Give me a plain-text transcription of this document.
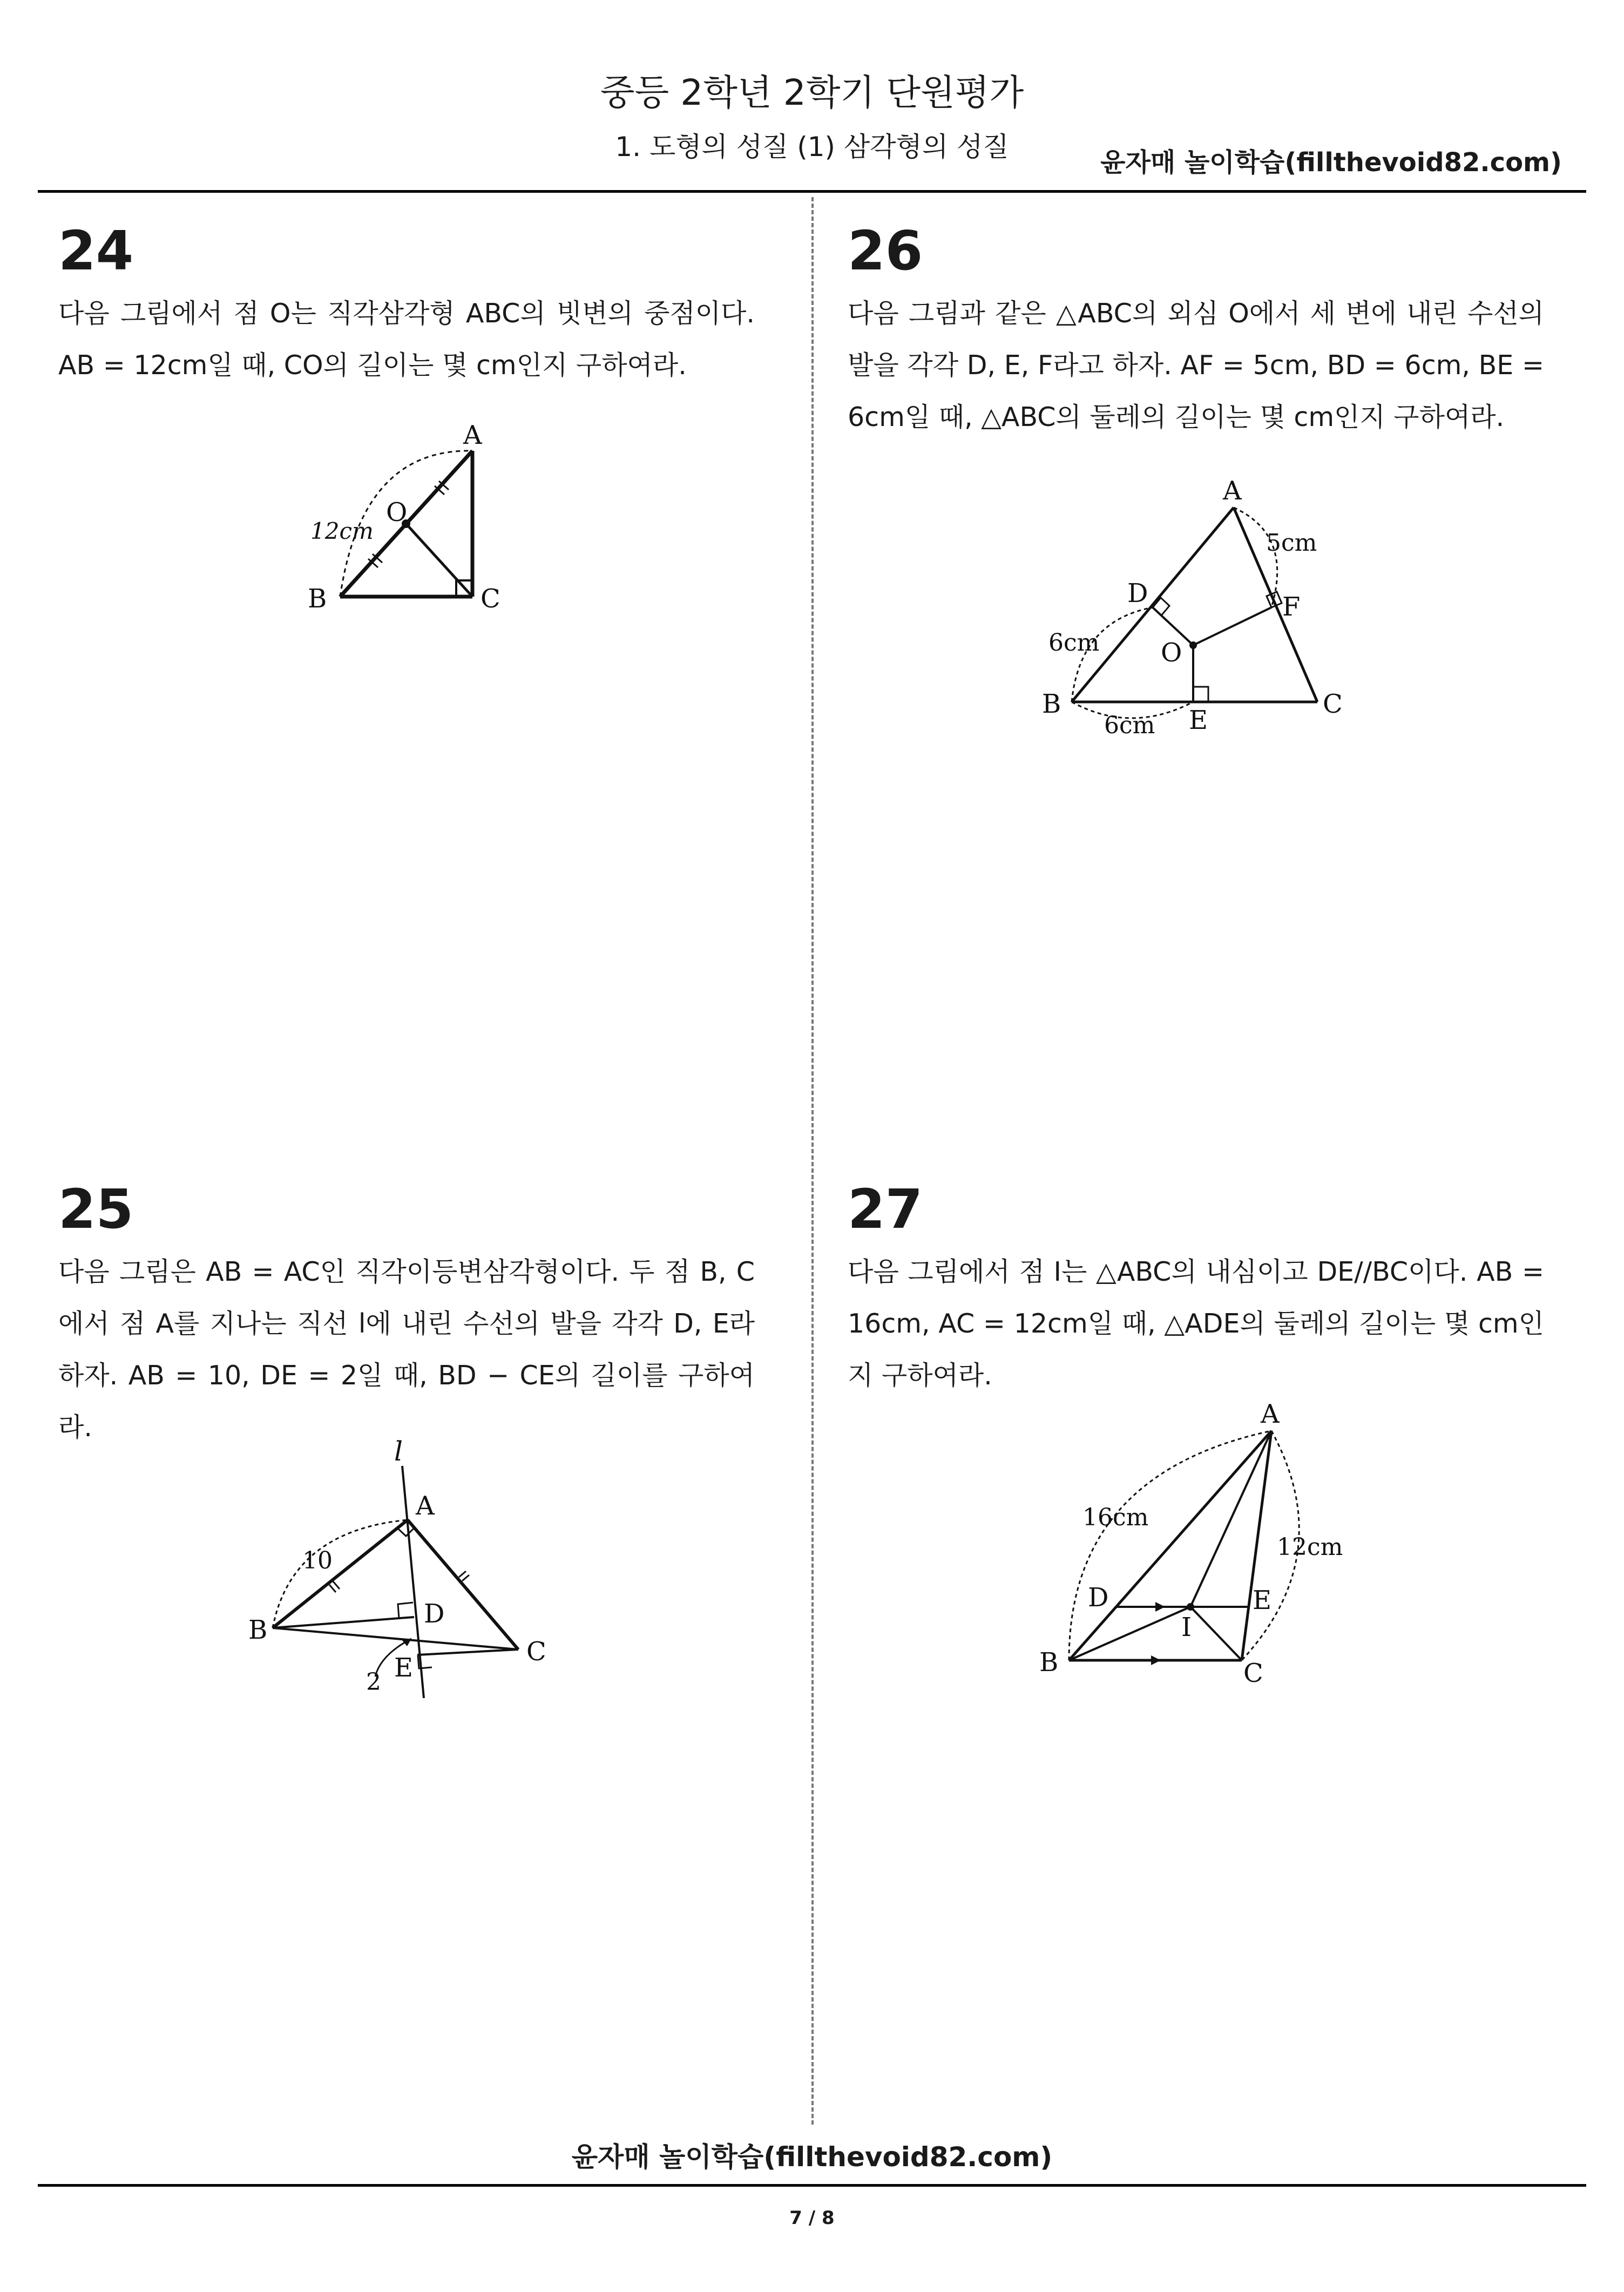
중등 2학년 2학기 단원평가
1. 도형의 성질 (1) 삼각형의 성질	윤자매 놀이학습(fillthevoid82.com)
24

다음 그림에서 점 O는 직각삼각형 ABC의 빗변의 중점이다. AB = 12cm일 때, CO의 길이는 몇 cm인지 구하여라.

A
B	C
O
12cm
26

다음 그림과 같은 △ABC의 외심 O에서 세 변에 내린 수선의 발을 각각 D, E, F라고 하자. AF = 5cm, BD = 6cm, BE = 6cm일 때, △ABC의 둘레의 길이는 몇 cm인지 구하여라.

A
B	C
D
E
F
O
5cm
6cm
6cm
25

다음 그림은 AB = AC인 직각이등변삼각형이다. 두 점 B, C에서 점 A를 지나는 직선 l에 내린 수선의 발을 각각 D, E라 하자. AB = 10, DE = 2일 때, BD − CE의 길이를 구하여라.

l
A
B
C
D
E
10
2
27

다음 그림에서 점 I는 △ABC의 내심이고 DE//BC이다. AB = 16cm, AC = 12cm일 때, △ADE의 둘레의 길이는 몇 cm인지 구하여라.

A
B	C
D	E
I
16cm
12cm
윤자매 놀이학습(fillthevoid82.com)
7 / 8
